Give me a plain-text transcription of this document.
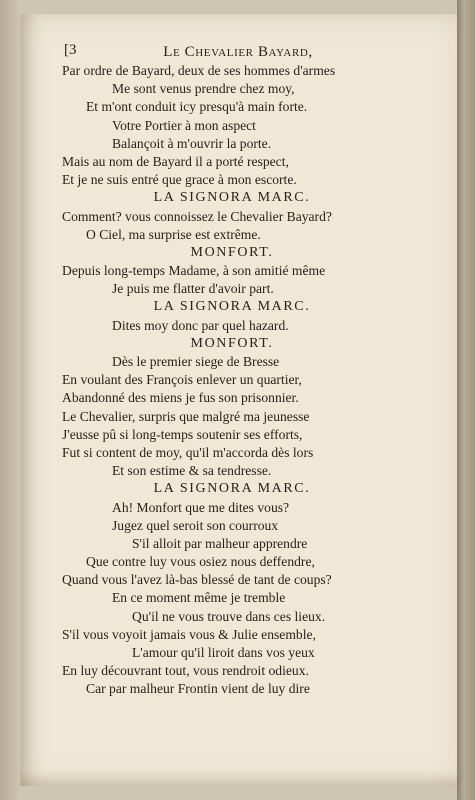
[3	Le Chevalier Bayard,
Par ordre de Bayard, deux de ses hommes d'armes
Me sont venus prendre chez moy,
Et m'ont conduit icy presqu'à main forte.
Votre Portier à mon aspect
Balançoit à m'ouvrir la porte.
Mais au nom de Bayard il a porté respect,
Et je ne suis entré que grace à mon escorte.
LA SIGNORA MARC.
Comment? vous connoissez le Chevalier Bayard?
O Ciel, ma surprise est extrême.
MONFORT.
Depuis long-temps Madame, à son amitié même
Je puis me flatter d'avoir part.
LA SIGNORA MARC.
Dites moy donc par quel hazard.
MONFORT.
Dès le premier siege de Bresse
En voulant des François enlever un quartier,
Abandonné des miens je fus son prisonnier.
Le Chevalier, surpris que malgré ma jeunesse
J'eusse pû si long-temps soutenir ses efforts,
Fut si content de moy, qu'il m'accorda dès lors
Et son estime & sa tendresse.
LA SIGNORA MARC.
Ah! Monfort que me dites vous?
Jugez quel seroit son courroux
S'il alloit par malheur apprendre
Que contre luy vous osiez nous deffendre,
Quand vous l'avez là-bas blessé de tant de coups?
En ce moment même je tremble
Qu'il ne vous trouve dans ces lieux.
S'il vous voyoit jamais vous & Julie ensemble,
L'amour qu'il liroit dans vos yeux
En luy découvrant tout, vous rendroit odieux.
Car par malheur Frontin vient de luy dire
